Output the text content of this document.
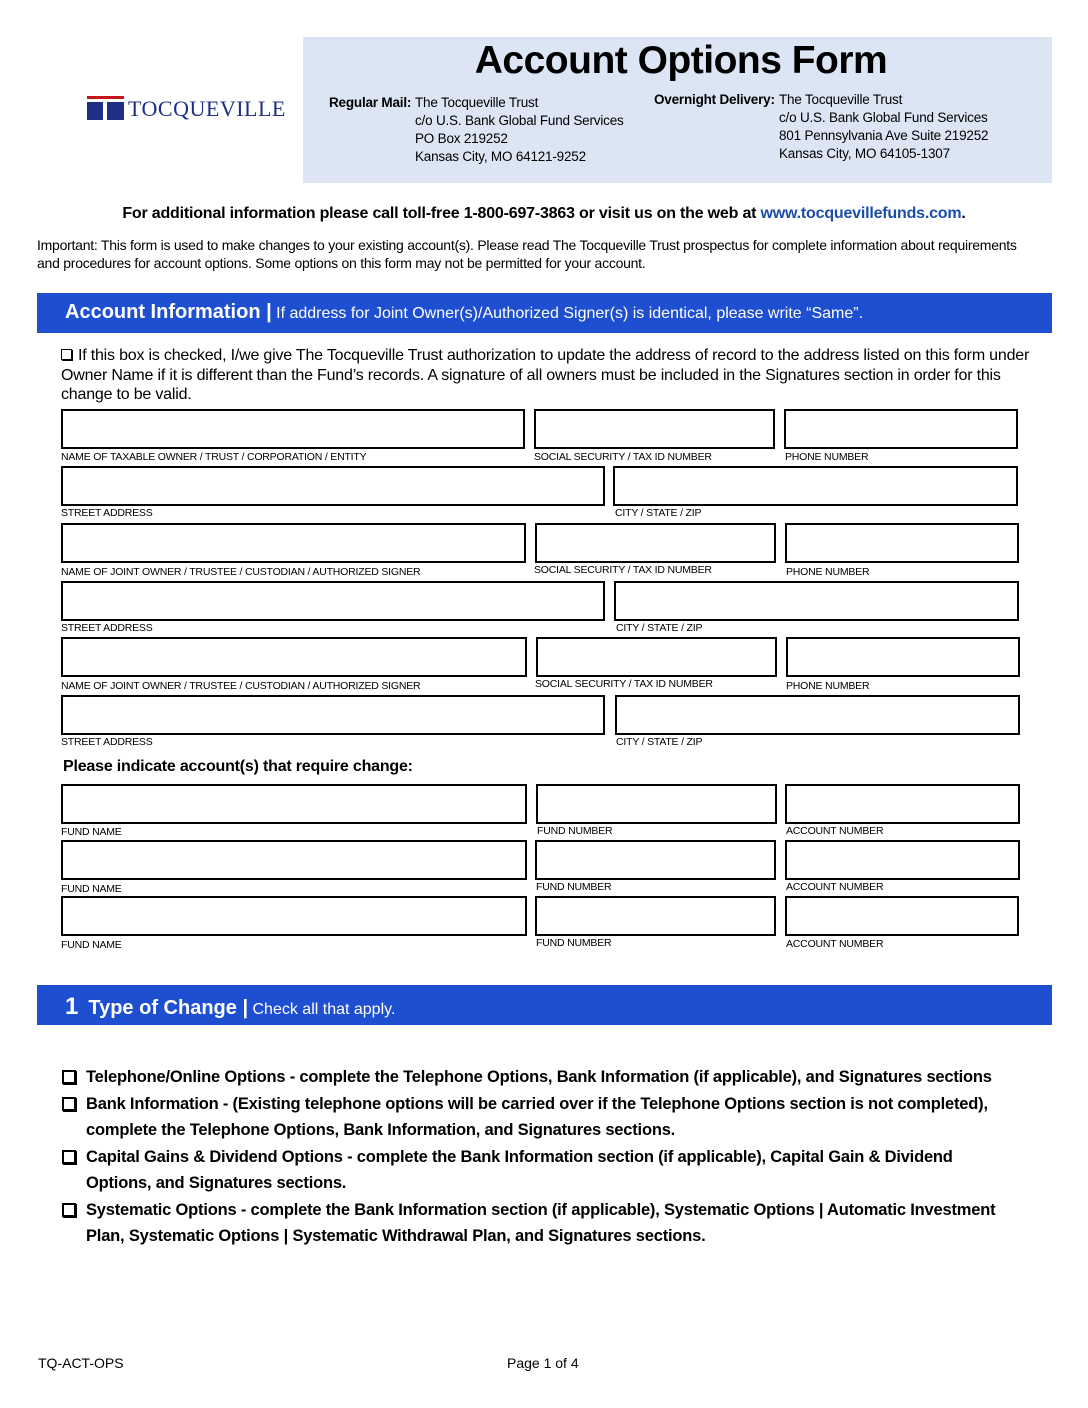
TOCQUEVILLE
Account Options Form
Regular Mail: The Tocqueville Trust
c/o U.S. Bank Global Fund Services
PO Box 219252
Kansas City, MO 64121-9252
Overnight Delivery: The Tocqueville Trust
c/o U.S. Bank Global Fund Services
801 Pennsylvania Ave Suite 219252
Kansas City, MO 64105-1307
For additional information please call toll-free 1-800-697-3863 or visit us on the web at www.tocquevillefunds.com.
Important: This form is used to make changes to your existing account(s). Please read The Tocqueville Trust prospectus for complete information about requirements and procedures for account options. Some options on this form may not be permitted for your account.
Account Information | If address for Joint Owner(s)/Authorized Signer(s) is identical, please write “Same”.
If this box is checked, I/we give The Tocqueville Trust authorization to update the address of record to the address listed on this form under Owner Name if it is different than the Fund’s records. A signature of all owners must be included in the Signatures section in order for this change to be valid.
NAME OF TAXABLE OWNER / TRUST / CORPORATION / ENTITY	SOCIAL SECURITY / TAX ID NUMBER	PHONE NUMBER
STREET ADDRESS	CITY / STATE / ZIP
NAME OF JOINT OWNER / TRUSTEE / CUSTODIAN / AUTHORIZED SIGNER	SOCIAL SECURITY / TAX ID NUMBER	PHONE NUMBER
STREET ADDRESS	CITY / STATE / ZIP
NAME OF JOINT OWNER / TRUSTEE / CUSTODIAN / AUTHORIZED SIGNER	SOCIAL SECURITY / TAX ID NUMBER	PHONE NUMBER
STREET ADDRESS	CITY / STATE / ZIP
Please indicate account(s) that require change:
FUND NAME	FUND NUMBER	ACCOUNT NUMBER
FUND NAME	FUND NUMBER	ACCOUNT NUMBER
FUND NAME	FUND NUMBER	ACCOUNT NUMBER
1 Type of Change | Check all that apply.
Telephone/Online Options - complete the Telephone Options, Bank Information (if applicable), and Signatures sections
Bank Information - (Existing telephone options will be carried over if the Telephone Options section is not completed), complete the Telephone Options, Bank Information, and Signatures sections.
Capital Gains & Dividend Options - complete the Bank Information section (if applicable), Capital Gain & Dividend Options, and Signatures sections.
Systematic Options - complete the Bank Information section (if applicable), Systematic Options | Automatic Investment Plan, Systematic Options | Systematic Withdrawal Plan, and Signatures sections.
TQ-ACT-OPS	Page 1 of 4
